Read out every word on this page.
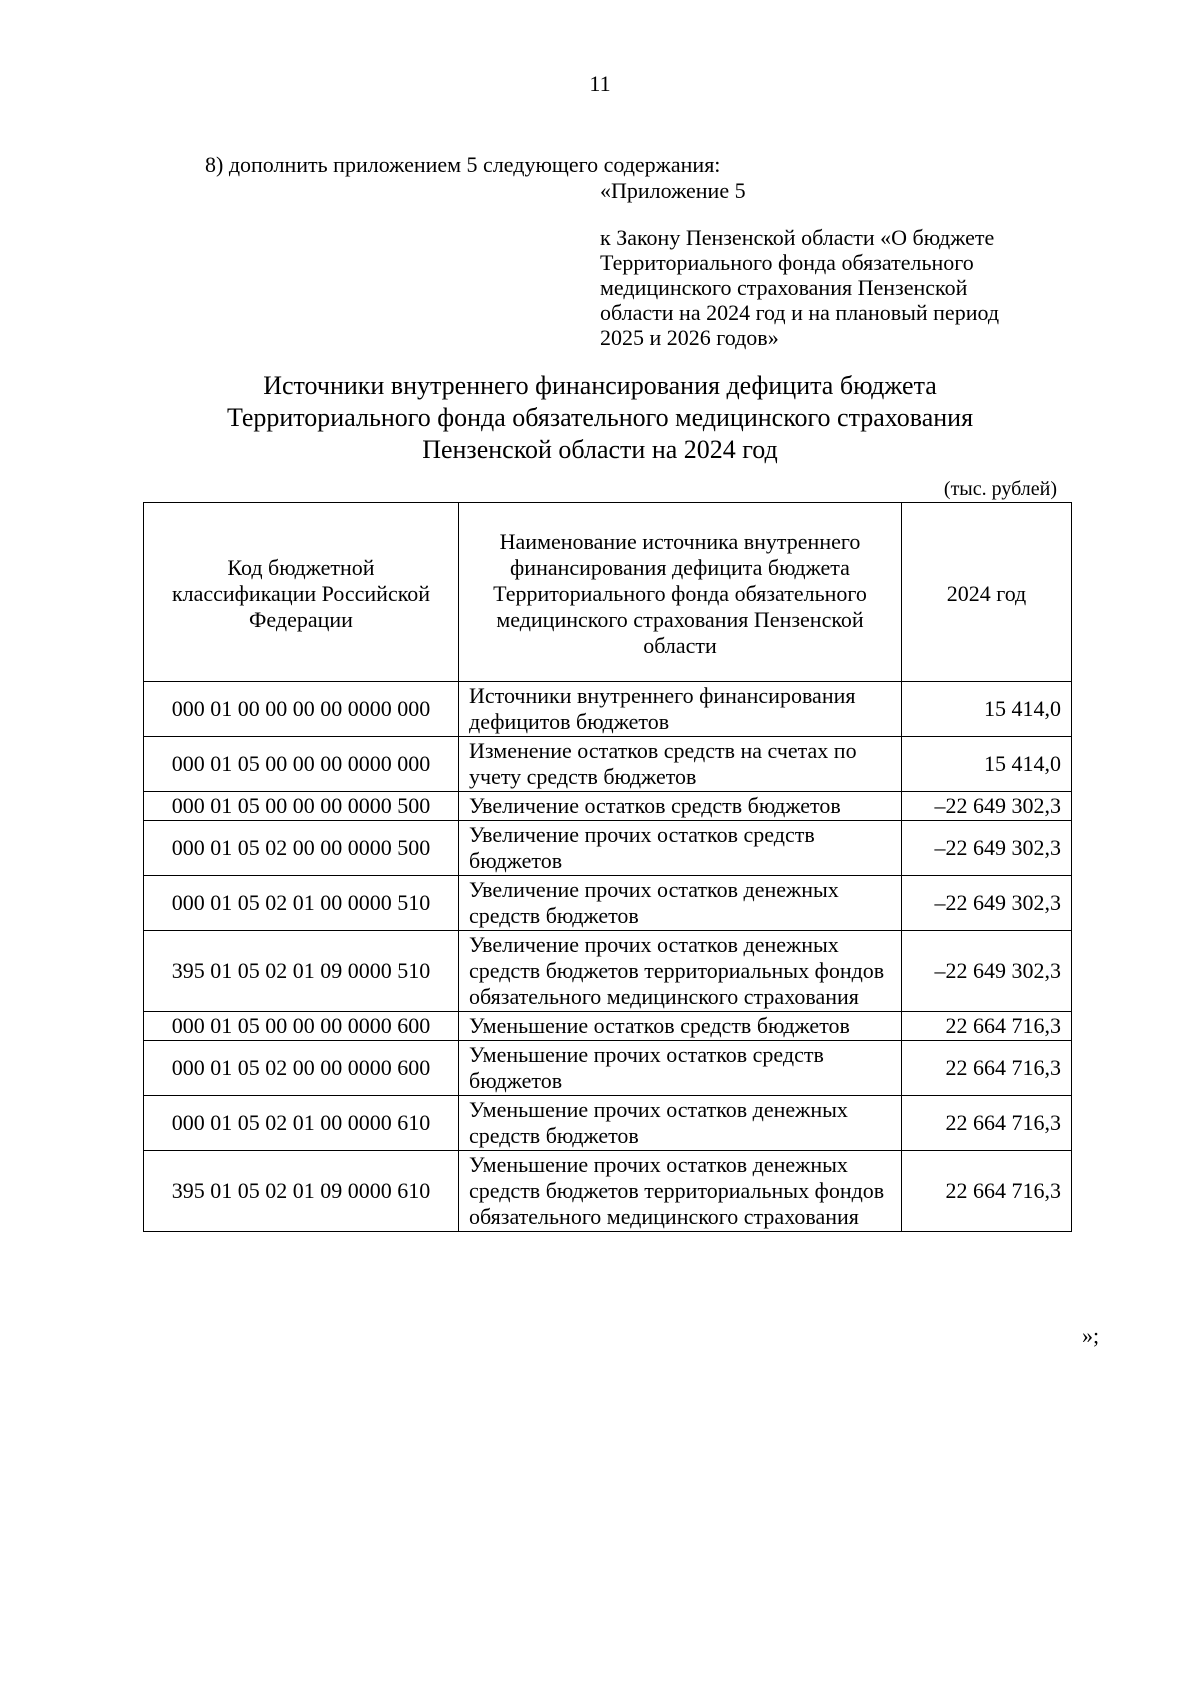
11
8) дополнить приложением 5 следующего содержания:
«Приложение 5
к Закону Пензенской области «О бюджете
Территориального фонда обязательного
медицинского страхования Пензенской
области на 2024 год и на плановый период
2025 и 2026 годов»
Источники внутреннего финансирования дефицита бюджета
Территориального фонда обязательного медицинского страхования
Пензенской области на 2024 год
(тыс. рублей)
Код бюджетной классификации Российской Федерации	Наименование источника внутреннего финансирования дефицита бюджета Территориального фонда обязательного медицинского страхования Пензенской области	2024 год
000 01 00 00 00 00 0000 000	Источники внутреннего финансирования дефицитов бюджетов	15 414,0
000 01 05 00 00 00 0000 000	Изменение остатков средств на счетах по учету средств бюджетов	15 414,0
000 01 05 00 00 00 0000 500	Увеличение остатков средств бюджетов	–22 649 302,3
000 01 05 02 00 00 0000 500	Увеличение прочих остатков средств бюджетов	–22 649 302,3
000 01 05 02 01 00 0000 510	Увеличение прочих остатков денежных средств бюджетов	–22 649 302,3
395 01 05 02 01 09 0000 510	Увеличение прочих остатков денежных средств бюджетов территориальных фондов обязательного медицинского страхования	–22 649 302,3
000 01 05 00 00 00 0000 600	Уменьшение остатков средств бюджетов	22 664 716,3
000 01 05 02 00 00 0000 600	Уменьшение прочих остатков средств бюджетов	22 664 716,3
000 01 05 02 01 00 0000 610	Уменьшение прочих остатков денежных средств бюджетов	22 664 716,3
395 01 05 02 01 09 0000 610	Уменьшение прочих остатков денежных средств бюджетов территориальных фондов обязательного медицинского страхования	22 664 716,3
»;
